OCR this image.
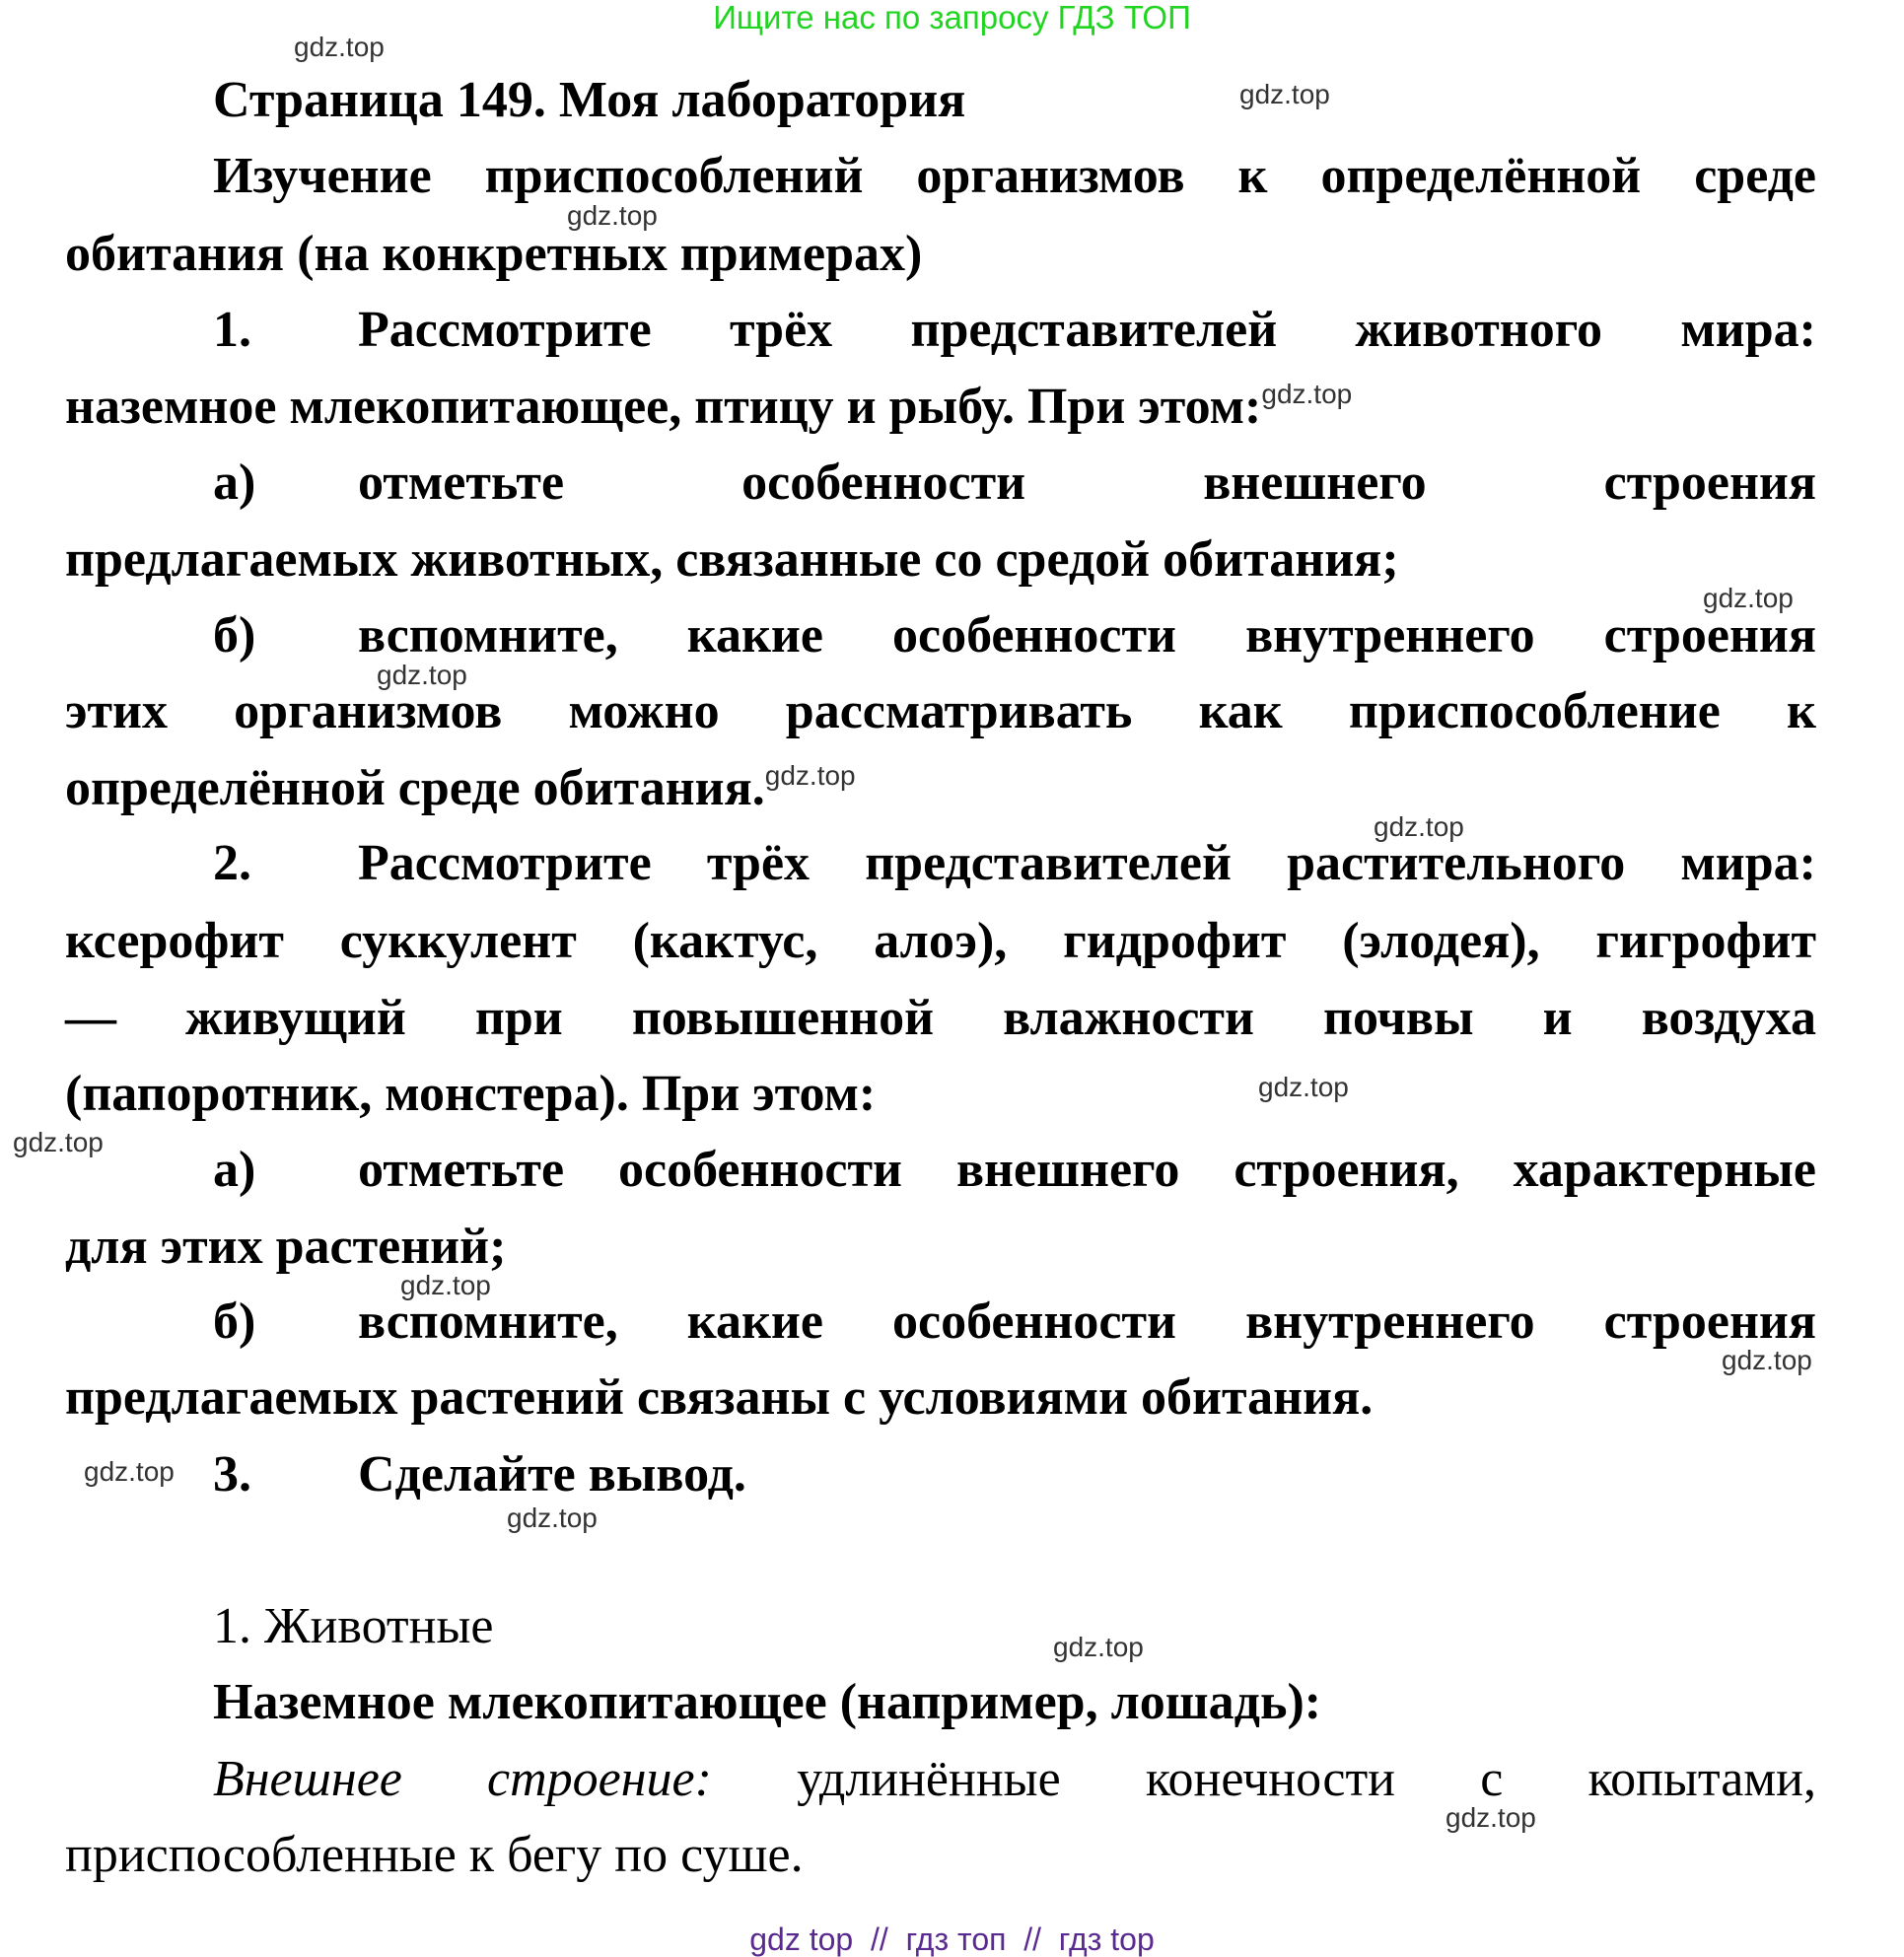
Ищите нас по запросу ГДЗ ТОП
Страница 149. Моя лаборатория
Изучение приспособлений организмов к определённой среде
обитания (на конкретных примерах)
1. Рассмотрите трёх представителей животного мира:
наземное млекопитающее, птицу и рыбу. При этом:$^{gdz.top}$
а) отметьте особенности внешнего строения
предлагаемых животных, связанные со средой обитания;
б) вспомните, какие особенности внутреннего строения
этих организмов можно рассматривать как приспособление к
определённой среде обитания.$^{gdz.top}$
2. Рассмотрите трёх представителей растительного мира:
ксерофит суккулент (кактус, алоэ), гидрофит (элодея), гигрофит
— живущий при повышенной влажности почвы и воздуха
(папоротник, монстера). При этом:
а) отметьте особенности внешнего строения, характерные
для этих растений;
б) вспомните, какие особенности внутреннего строения
предлагаемых растений связаны с условиями обитания.
3. Сделайте вывод.
1. Животные
Наземное млекопитающее (например, лошадь):
Внешнее строение: удлинённые конечности с копытами,
приспособленные к бегу по суше.
gdz.top
gdz.top
gdz.top
gdz.top
gdz.top
gdz.top
gdz.top
gdz.top
gdz.top
gdz.top
gdz.top
gdz.top
gdz.top
gdz.top
gdz top  //  гдз топ  //  гдз top
